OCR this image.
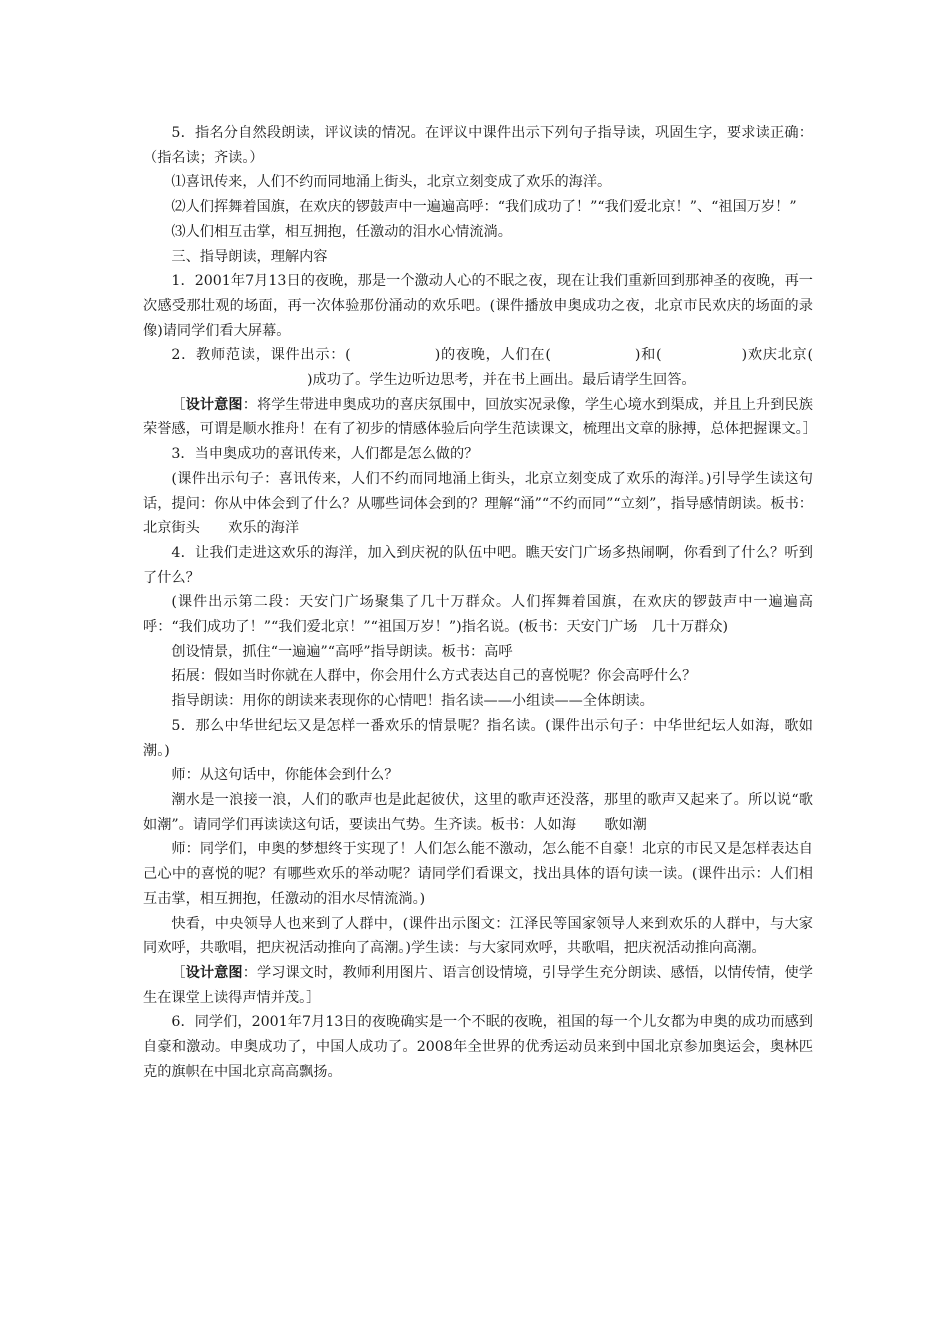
5．指名分自然段朗读，评议读的情况。在评议中课件出示下列句子指导读，巩固生字，要求读正确：（指名读；齐读。）

⑴喜讯传来，人们不约而同地涌上街头，北京立刻变成了欢乐的海洋。

⑵人们挥舞着国旗，在欢庆的锣鼓声中一遍遍高呼：“我们成功了！”“我们爱北京！”、“祖国万岁！”

⑶人们相互击掌，相互拥抱，任激动的泪水心情流淌。

三、指导朗读，理解内容

1．2001年7月13日的夜晚，那是一个激动人心的不眠之夜，现在让我们重新回到那神圣的夜晚，再一次感受那壮观的场面，再一次体验那份涌动的欢乐吧。(课件播放申奥成功之夜，北京市民欢庆的场面的录像)请同学们看大屏幕。

2．教师范读，课件出示：(	)的夜晚，人们在(	)和(	)欢庆北京()成功了。学生边听边思考，并在书上画出。最后请学生回答。

［设计意图：将学生带进申奥成功的喜庆氛围中，回放实况录像，学生心境水到渠成，并且上升到民族荣誉感，可谓是顺水推舟！在有了初步的情感体验后向学生范读课文，梳理出文章的脉搏，总体把握课文。］

3．当申奥成功的喜讯传来，人们都是怎么做的？

(课件出示句子：喜讯传来，人们不约而同地涌上街头，北京立刻变成了欢乐的海洋。)引导学生读这句话，提问：你从中体会到了什么？从哪些词体会到的？理解“涌”“不约而同”“立刻”，指导感情朗读。板书：北京街头　　欢乐的海洋

4．让我们走进这欢乐的海洋，加入到庆祝的队伍中吧。瞧天安门广场多热闹啊，你看到了什么？听到了什么？

(课件出示第二段：天安门广场聚集了几十万群众。人们挥舞着国旗，在欢庆的锣鼓声中一遍遍高呼：“我们成功了！”“我们爱北京！”“祖国万岁！”)指名说。(板书：天安门广场　几十万群众)

创设情景，抓住“一遍遍”“高呼”指导朗读。板书：高呼

拓展：假如当时你就在人群中，你会用什么方式表达自己的喜悦呢？你会高呼什么？

指导朗读：用你的朗读来表现你的心情吧！指名读——小组读——全体朗读。

5．那么中华世纪坛又是怎样一番欢乐的情景呢？指名读。(课件出示句子：中华世纪坛人如海，歌如潮。)

师：从这句话中，你能体会到什么？

潮水是一浪接一浪，人们的歌声也是此起彼伏，这里的歌声还没落，那里的歌声又起来了。所以说“歌如潮”。请同学们再读读这句话，要读出气势。生齐读。板书：人如海　　歌如潮

师：同学们，申奥的梦想终于实现了！人们怎么能不激动，怎么能不自豪！北京的市民又是怎样表达自己心中的喜悦的呢？有哪些欢乐的举动呢？请同学们看课文，找出具体的语句读一读。(课件出示：人们相互击掌，相互拥抱，任激动的泪水尽情流淌。)

快看，中央领导人也来到了人群中，(课件出示图文：江泽民等国家领导人来到欢乐的人群中，与大家同欢呼，共歌唱，把庆祝活动推向了高潮。)学生读：与大家同欢呼，共歌唱，把庆祝活动推向高潮。

［设计意图：学习课文时，教师利用图片、语言创设情境，引导学生充分朗读、感悟，以情传情，使学生在课堂上读得声情并茂。］

6．同学们，2001年7月13日的夜晚确实是一个不眠的夜晚，祖国的每一个儿女都为申奥的成功而感到自豪和激动。申奥成功了，中国人成功了。2008年全世界的优秀运动员来到中国北京参加奥运会，奥林匹克的旗帜在中国北京高高飘扬。
